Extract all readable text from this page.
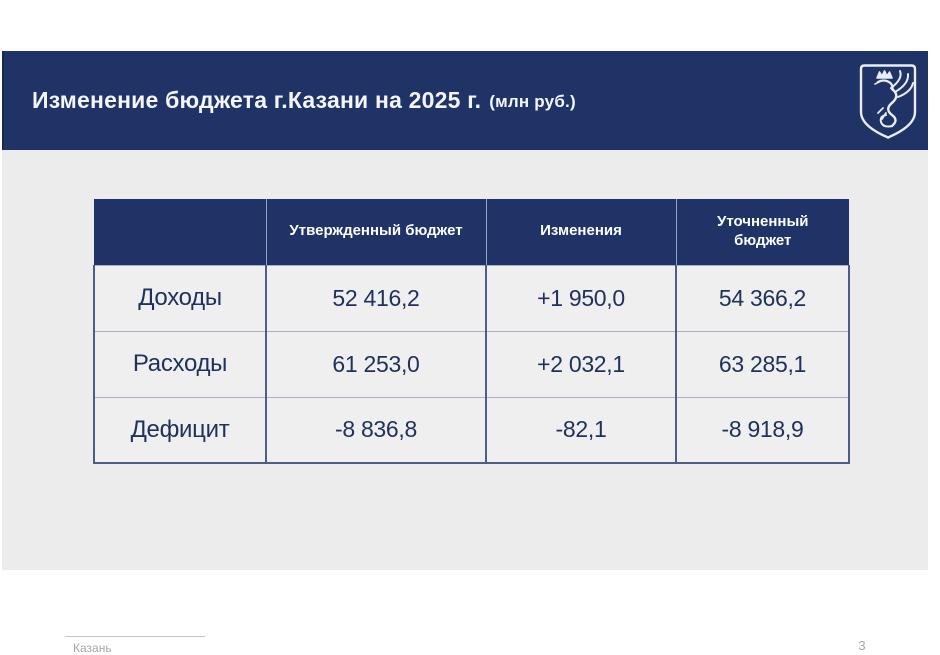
Изменение бюджета г.Казани на 2025 г. (млн руб.)
	Утвержденный бюджет	Изменения	Уточненный бюджет
Доходы	52 416,2	+1 950,0	54 366,2
Расходы	61 253,0	+2 032,1	63 285,1
Дефицит	-8 836,8	-82,1	-8 918,9
Казань	3
